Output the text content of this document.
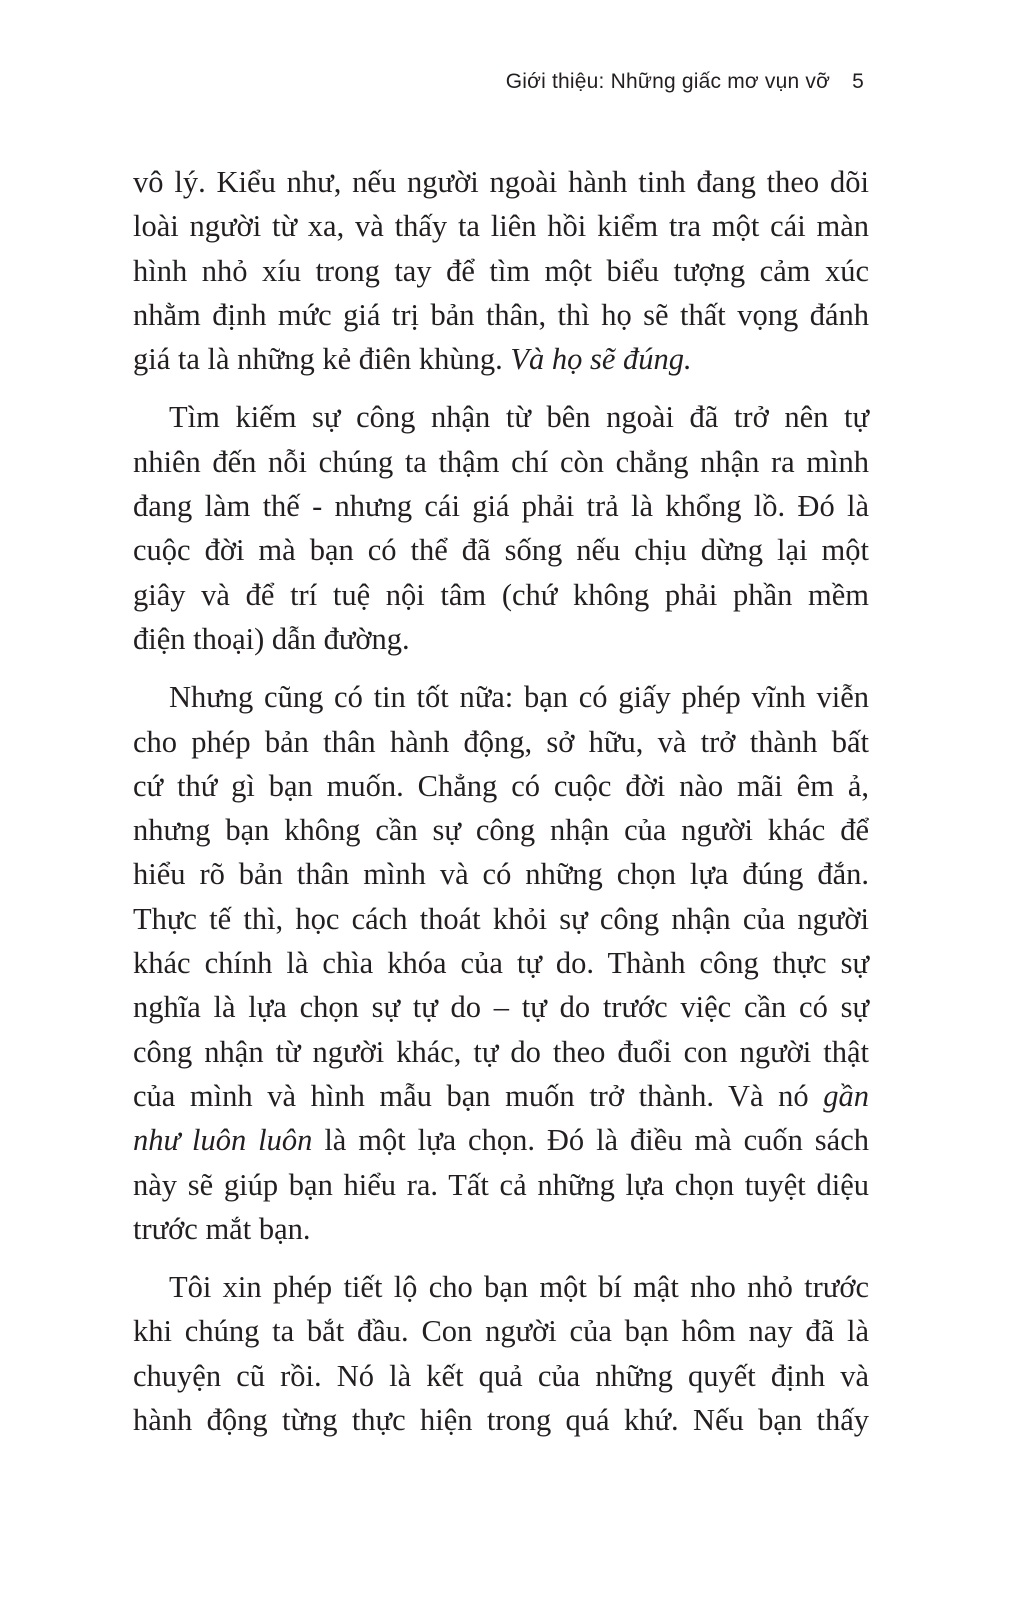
Giới thiệu: Những giấc mơ vụn vỡ 5
vô lý. Kiểu như, nếu người ngoài hành tinh đang theo dõi
loài người từ xa, và thấy ta liên hồi kiểm tra một cái màn
hình nhỏ xíu trong tay để tìm một biểu tượng cảm xúc
nhằm định mức giá trị bản thân, thì họ sẽ thất vọng đánh
giá ta là những kẻ điên khùng. Và họ sẽ đúng.
Tìm kiếm sự công nhận từ bên ngoài đã trở nên tự
nhiên đến nỗi chúng ta thậm chí còn chẳng nhận ra mình
đang làm thế - nhưng cái giá phải trả là khổng lồ. Đó là
cuộc đời mà bạn có thể đã sống nếu chịu dừng lại một
giây và để trí tuệ nội tâm (chứ không phải phần mềm
điện thoại) dẫn đường.
Nhưng cũng có tin tốt nữa: bạn có giấy phép vĩnh viễn
cho phép bản thân hành động, sở hữu, và trở thành bất
cứ thứ gì bạn muốn. Chẳng có cuộc đời nào mãi êm ả,
nhưng bạn không cần sự công nhận của người khác để
hiểu rõ bản thân mình và có những chọn lựa đúng đắn.
Thực tế thì, học cách thoát khỏi sự công nhận của người
khác chính là chìa khóa của tự do. Thành công thực sự
nghĩa là lựa chọn sự tự do – tự do trước việc cần có sự
công nhận từ người khác, tự do theo đuổi con người thật
của mình và hình mẫu bạn muốn trở thành. Và nó gần
như luôn luôn là một lựa chọn. Đó là điều mà cuốn sách
này sẽ giúp bạn hiểu ra. Tất cả những lựa chọn tuyệt diệu
trước mắt bạn.
Tôi xin phép tiết lộ cho bạn một bí mật nho nhỏ trước
khi chúng ta bắt đầu. Con người của bạn hôm nay đã là
chuyện cũ rồi. Nó là kết quả của những quyết định và
hành động từng thực hiện trong quá khứ. Nếu bạn thấy
